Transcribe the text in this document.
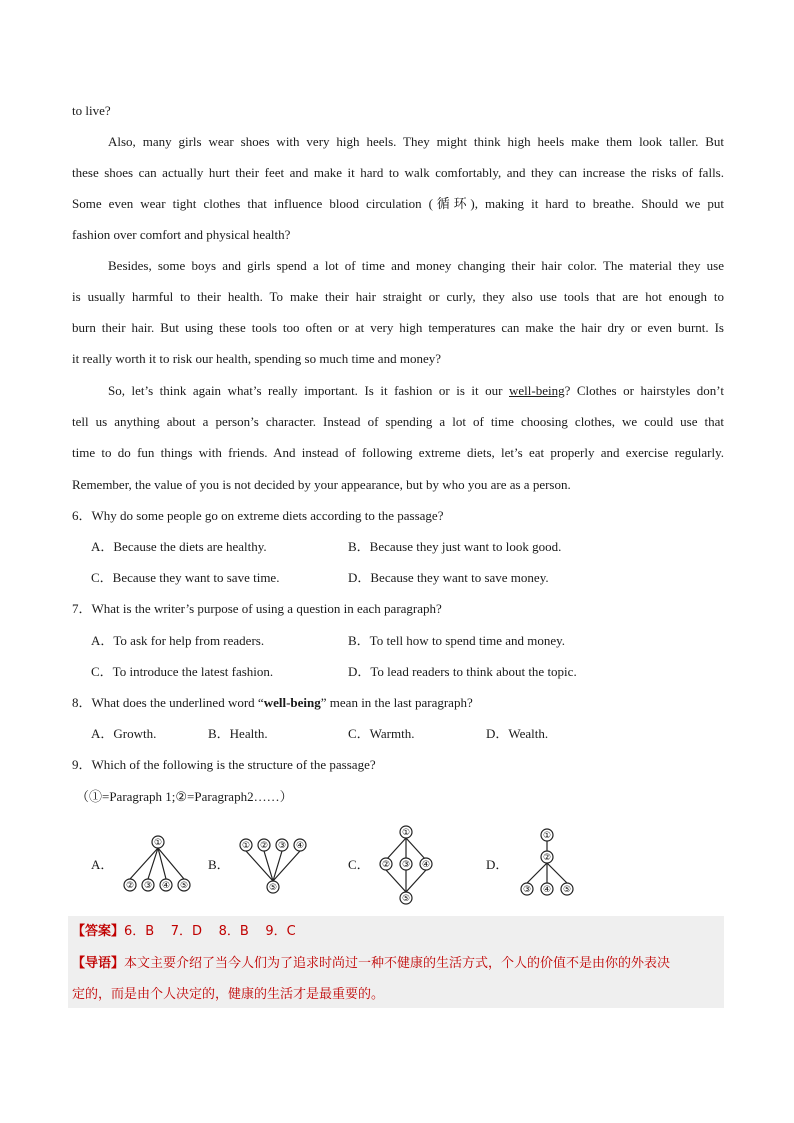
to live?
Also, many girls wear shoes with very high heels. They might think high heels make them look taller. But
these shoes can actually hurt their feet and make it hard to walk comfortably, and they can increase the risks of falls.
Some even wear tight clothes that influence blood circulation (循环), making it hard to breathe. Should we put
fashion over comfort and physical health?
Besides, some boys and girls spend a lot of time and money changing their hair color. The material they use
is usually harmful to their health. To make their hair straight or curly, they also use tools that are hot enough to
burn their hair. But using these tools too often or at very high temperatures can make the hair dry or even burnt. Is
it really worth it to risk our health, spending so much time and money?
So, let’s think again what’s really important. Is it fashion or is it our well-being? Clothes or hairstyles don’t
tell us anything about a person’s character. Instead of spending a lot of time choosing clothes, we could use that
time to do fun things with friends. And instead of following extreme diets, let’s eat properly and exercise regularly.
Remember, the value of you is not decided by your appearance, but by who you are as a person.
6．Why do some people go on extreme diets according to the passage?
A．Because the diets are healthy.	B．Because they just want to look good.
C．Because they want to save time.	D．Because they want to save money.
7．What is the writer’s purpose of using a question in each paragraph?
A．To ask for help from readers.	B．To tell how to spend time and money.
C．To introduce the latest fashion.	D．To lead readers to think about the topic.
8．What does the underlined word “well-being” mean in the last paragraph?
A．Growth.	B．Health.	C．Warmth.	D．Wealth.
9．Which of the following is the structure of the passage?
（①=Paragraph 1;②=Paragraph2……）
A．	B．	C．	D．
①
② ③ ④ ⑤
① ② ③ ④
⑤
①
② ③ ④
⑤
①
②
③ ④ ⑤
【答案】6．B 7．D 8．B 9．C
【导语】本文主要介绍了当今人们为了追求时尚过一种不健康的生活方式，个人的价值不是由你的外表决
定的，而是由个人决定的，健康的生活才是最重要的。
